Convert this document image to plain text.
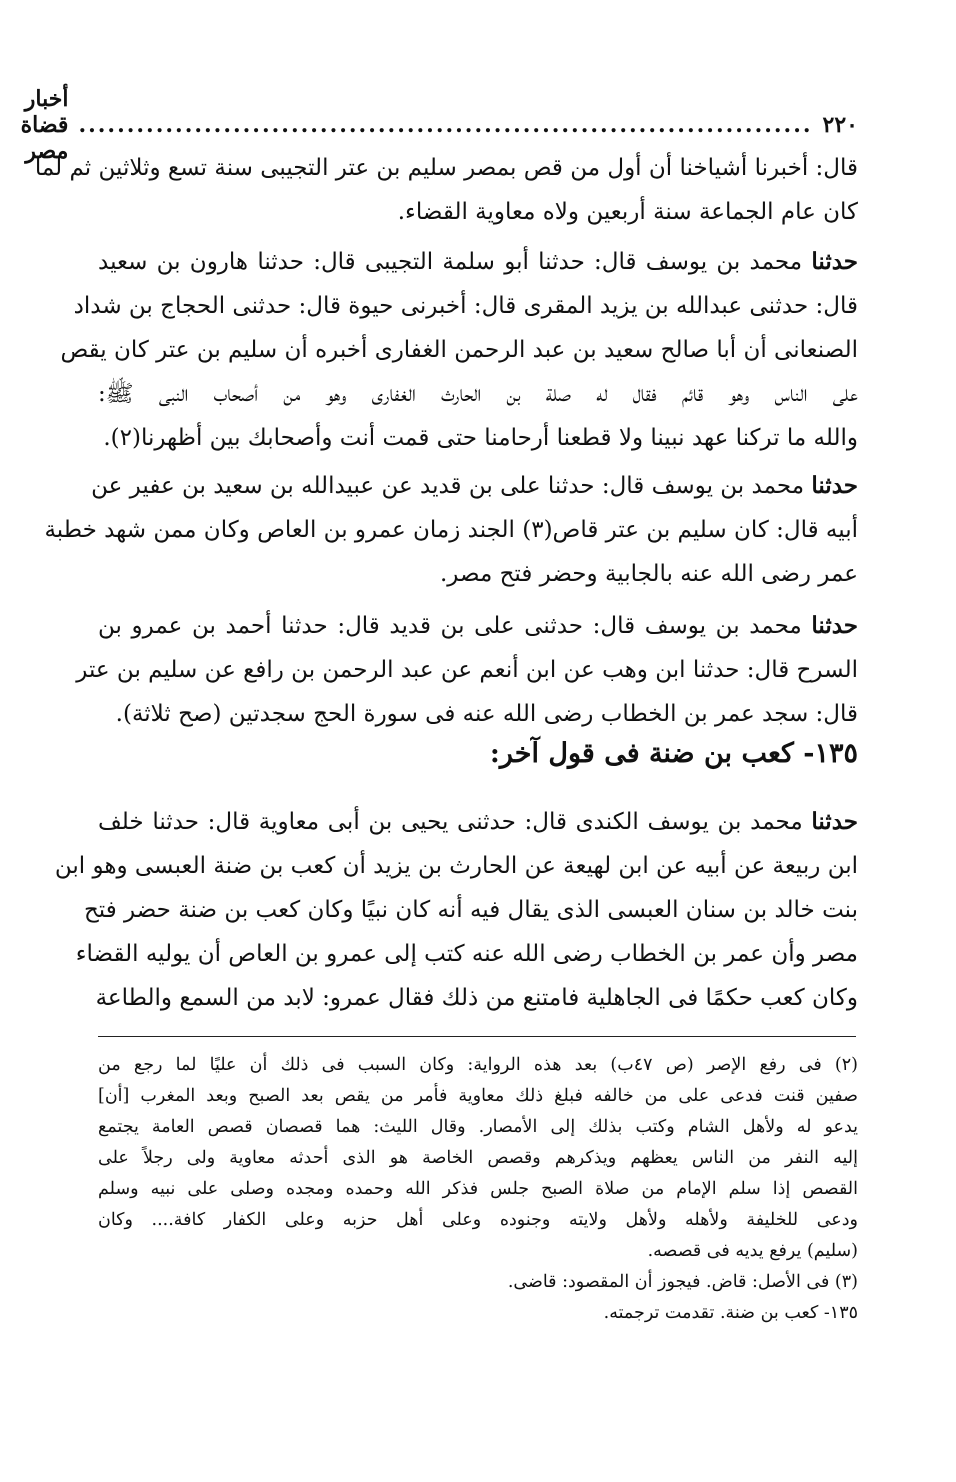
٢٢٠
............................................................................
أخبار قضاة مصر
قال: أخبرنا أشياخنا أن أول من قص بمصر سليم بن عتر التجيبى سنة تسع وثلاثين ثم لما
كان عام الجماعة سنة أربعين ولاه معاوية القضاء.
حدثنا محمد بن يوسف قال: حدثنا أبو سلمة التجيبى قال: حدثنا هارون بن سعيد
قال: حدثنى عبدالله بن يزيد المقرى قال: أخبرنى حيوة قال: حدثنى الحجاج بن شداد
الصنعانى أن أبا صالح سعيد بن عبد الرحمن الغفارى أخبره أن سليم بن عتر كان يقص
على الناس وهو قائم فقال له صلة بن الحارث الغفارى وهو من أصحاب النبى ﷺ:
والله ما تركنا عهد نبينا ولا قطعنا أرحامنا حتى قمت أنت وأصحابك بين أظهرنا(٢).
حدثنا محمد بن يوسف قال: حدثنا على بن قديد عن عبيدالله بن سعيد بن عفير عن
أبيه قال: كان سليم بن عتر قاص(٣) الجند زمان عمرو بن العاص وكان ممن شهد خطبة
عمر رضى الله عنه بالجابية وحضر فتح مصر.
حدثنا محمد بن يوسف قال: حدثنى على بن قديد قال: حدثنا أحمد بن عمرو بن
السرح قال: حدثنا ابن وهب عن ابن أنعم عن عبد الرحمن بن رافع عن سليم بن عتر
قال: سجد عمر بن الخطاب رضى الله عنه فى سورة الحج سجدتين (صح ثلاثة).
١٣٥- كعب بن ضنة فى قول آخر:
حدثنا محمد بن يوسف الكندى قال: حدثنى يحيى بن أبى معاوية قال: حدثنا خلف
ابن ربيعة عن أبيه عن ابن لهيعة عن الحارث بن يزيد أن كعب بن ضنة العبسى وهو ابن
بنت خالد بن سنان العبسى الذى يقال فيه أنه كان نبيًا وكان كعب بن ضنة حضر فتح
مصر وأن عمر بن الخطاب رضى الله عنه كتب إلى عمرو بن العاص أن يوليه القضاء
وكان كعب حكمًا فى الجاهلية فامتنع من ذلك فقال عمرو: لابد من السمع والطاعة
(٢) فى رفع الإصر (ص ٤٧ب) بعد هذه الرواية: وكان السبب فى ذلك أن عليًا لما رجع من
صفين قنت فدعى على من خالفه فبلغ ذلك معاوية فأمر من يقص بعد الصبح وبعد المغرب [أن]
يدعو له ولأهل الشام وكتب بذلك إلى الأمصار. وقال الليث: هما قصصان قصص العامة يجتمع
إليه النفر من الناس يعظهم ويذكرهم وقصص الخاصة هو الذى أحدثه معاوية ولى رجلاً على
القصص إذا سلم الإمام من صلاة الصبح جلس فذكر الله وحمده ومجده وصلى على نبيه وسلم
ودعى للخليفة ولأهله ولأهل ولايته وجنوده وعلى أهل حزبه وعلى الكفار كافة.... وكان
(سليم) يرفع يديه فى قصصه.
(٣) فى الأصل: قاض. فيجوز أن المقصود: قاضى.
١٣٥- كعب بن ضنة. تقدمت ترجمته.
